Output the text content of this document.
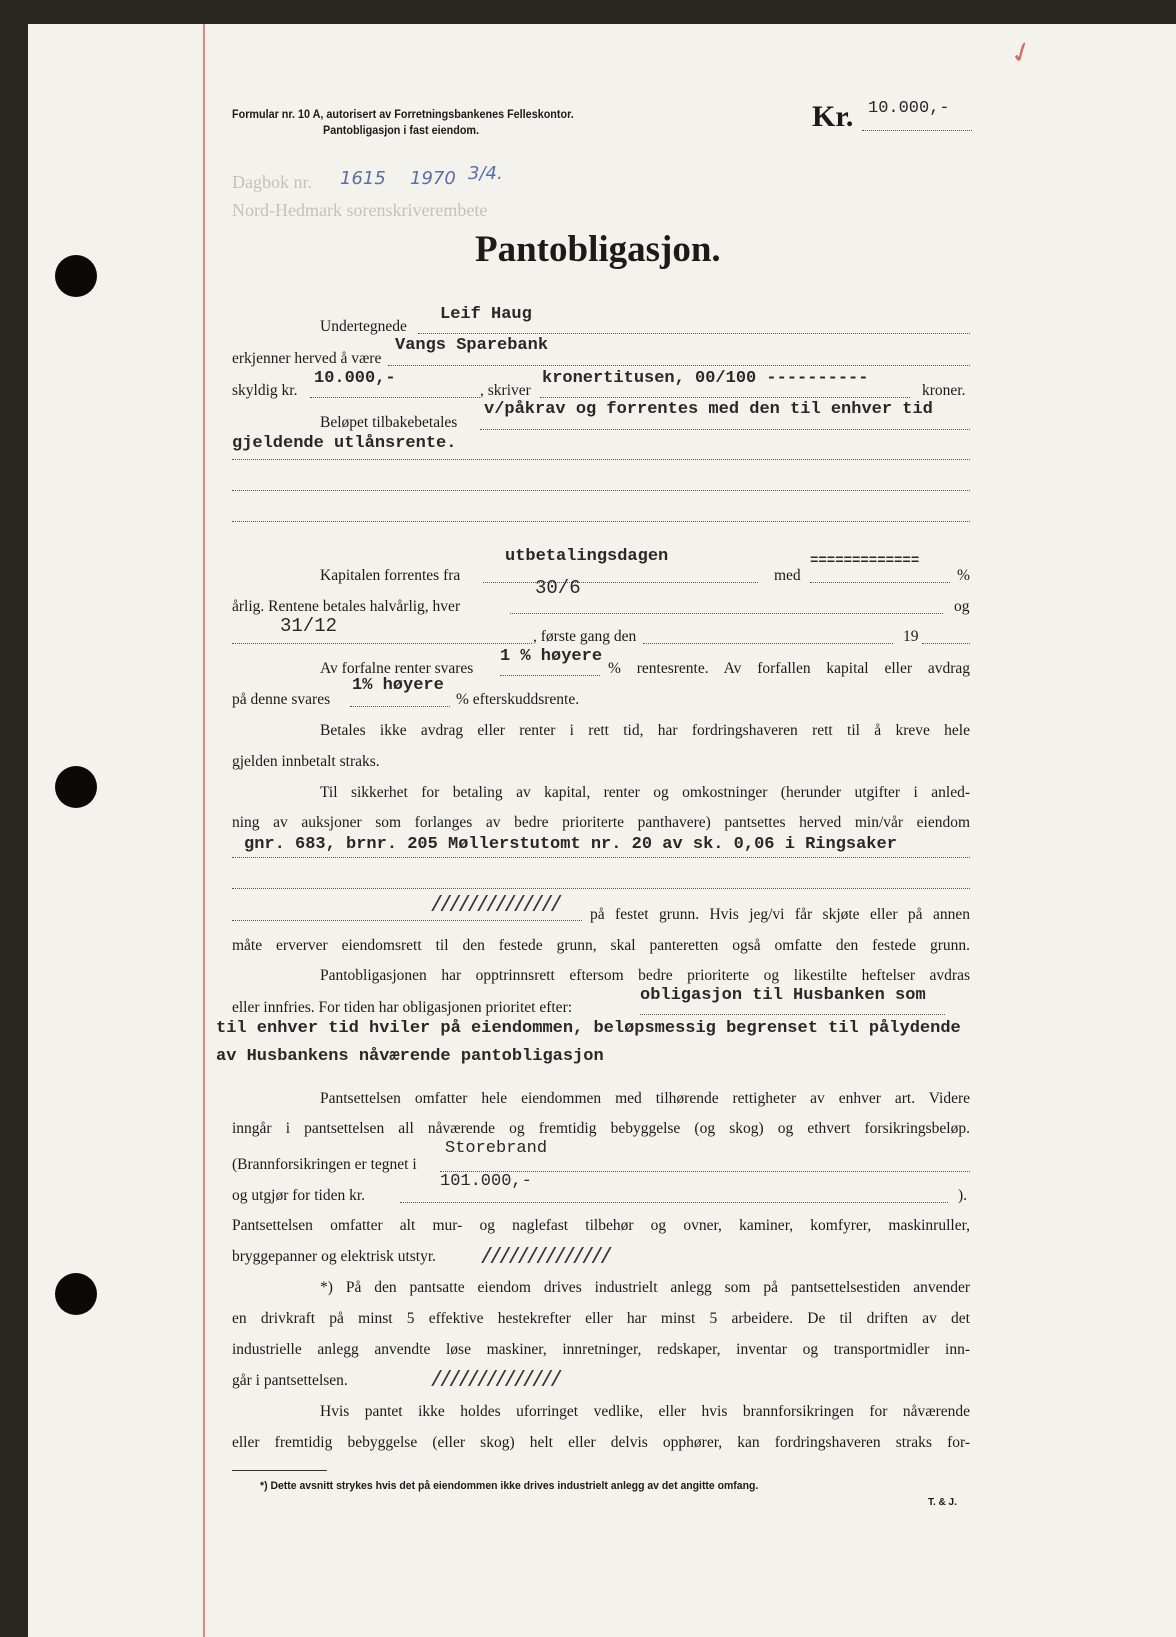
✓
Formular nr. 10 A, autorisert av Forretningsbankenes Felleskontor.
Pantobligasjon i fast eiendom.	Kr. 10.000,-
Dagbok nr. 1615 1970 3/4.
Nord-Hedmark sorenskriverembete
Pantobligasjon.
Undertegnede
Leif Haug
erkjenner herved å være
Vangs Sparebank
skyldig kr.
10.000,-
, skriver
kronertitusen, 00/100 ----------
kroner.
Beløpet tilbakebetales
v/påkrav og forrentes med den til enhver tid
gjeldende utlånsrente.
Kapitalen forrentes fra
utbetalingsdagen
med
=============
%
årlig. Rentene betales halvårlig, hver
30/6
og
31/12	, første gang den	19
Av forfalne renter svares
1 % høyere
% rentesrente. Av forfallen kapital eller avdrag
på denne svares
1% høyere
% efterskuddsrente.
Betales ikke avdrag eller renter i rett tid, har fordringshaveren rett til å kreve hele
gjelden innbetalt straks.
Til sikkerhet for betaling av kapital, renter og omkostninger (herunder utgifter i anled-
ning av auksjoner som forlanges av bedre prioriterte panthavere) pantsettes herved min/vår eiendom
gnr. 683, brnr. 205 Møllerstutomt nr. 20 av sk. 0,06 i Ringsaker
////////////// på festet grunn. Hvis jeg/vi får skjøte eller på annen
måte erverver eiendomsrett til den festede grunn, skal panteretten også omfatte den festede grunn.
Pantobligasjonen har opptrinnsrett eftersom bedre prioriterte og likestilte heftelser avdras
eller innfries. For tiden har obligasjonen prioritet efter:
obligasjon til Husbanken som
til enhver tid hviler på eiendommen, beløpsmessig begrenset til pålydende
av Husbankens nåværende pantobligasjon
Pantsettelsen omfatter hele eiendommen med tilhørende rettigheter av enhver art. Videre
inngår i pantsettelsen all nåværende og fremtidig bebyggelse (og skog) og ethvert forsikringsbeløp.
Storebrand
(Brannforsikringen er tegnet i
101.000,-
og utgjør for tiden kr.	).
Pantsettelsen omfatter alt mur- og naglefast tilbehør og ovner, kaminer, komfyrer, maskinruller,
bryggepanner og elektrisk utstyr. //////////////
*) På den pantsatte eiendom drives industrielt anlegg som på pantsettelsestiden anvender
en drivkraft på minst 5 effektive hestekrefter eller har minst 5 arbeidere. De til driften av det
industrielle anlegg anvendte løse maskiner, innretninger, redskaper, inventar og transportmidler inn-
går i pantsettelsen.	//////////////
Hvis pantet ikke holdes uforringet vedlike, eller hvis brannforsikringen for nåværende
eller fremtidig bebyggelse (eller skog) helt eller delvis opphører, kan fordringshaveren straks for-
*) Dette avsnitt strykes hvis det på eiendommen ikke drives industrielt anlegg av det angitte omfang.
T. & J.
